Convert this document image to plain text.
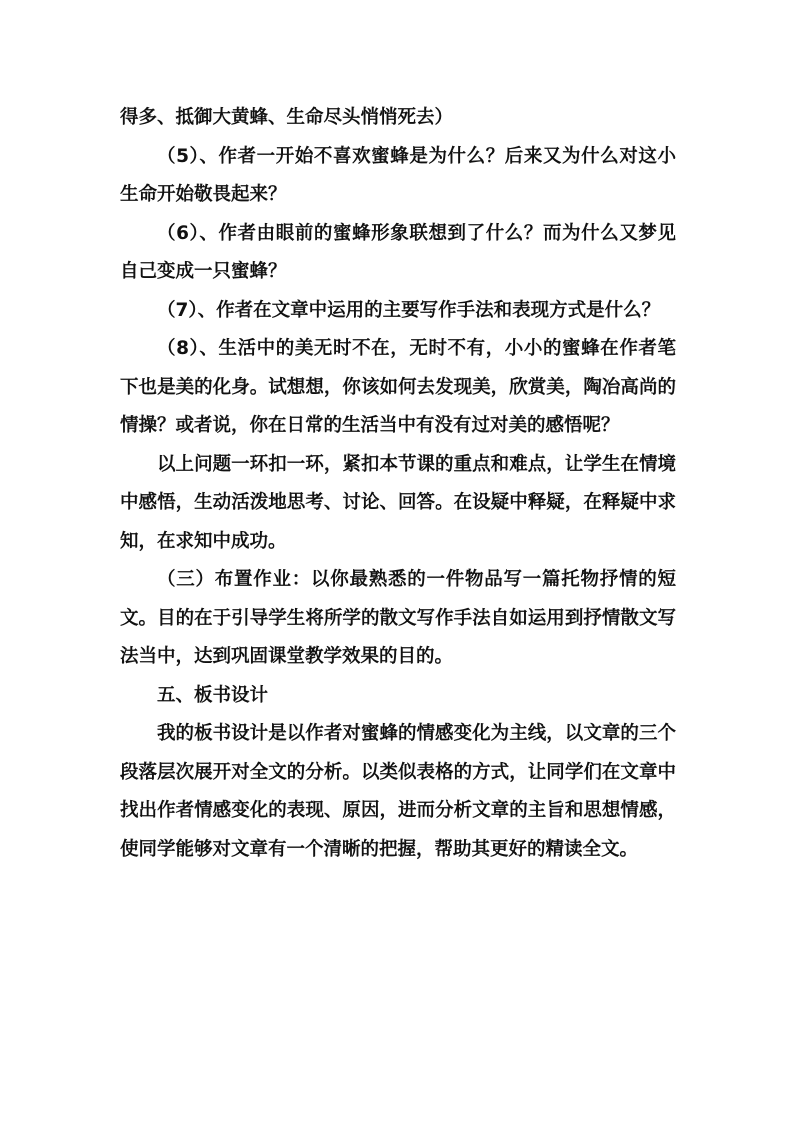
得多、抵御大黄蜂、生命尽头悄悄死去）

（5）、作者一开始不喜欢蜜蜂是为什么？后来又为什么对这小生命开始敬畏起来？

（6）、作者由眼前的蜜蜂形象联想到了什么？而为什么又梦见自己变成一只蜜蜂？

（7）、作者在文章中运用的主要写作手法和表现方式是什么？

（8）、生活中的美无时不在，无时不有，小小的蜜蜂在作者笔下也是美的化身。试想想，你该如何去发现美，欣赏美，陶冶高尚的情操？或者说，你在日常的生活当中有没有过对美的感悟呢？

以上问题一环扣一环，紧扣本节课的重点和难点，让学生在情境中感悟，生动活泼地思考、讨论、回答。在设疑中释疑，在释疑中求知，在求知中成功。

（三）布置作业：以你最熟悉的一件物品写一篇托物抒情的短文。目的在于引导学生将所学的散文写作手法自如运用到抒情散文写法当中，达到巩固课堂教学效果的目的。

五、板书设计

我的板书设计是以作者对蜜蜂的情感变化为主线，以文章的三个段落层次展开对全文的分析。以类似表格的方式，让同学们在文章中找出作者情感变化的表现、原因，进而分析文章的主旨和思想情感，使同学能够对文章有一个清晰的把握，帮助其更好的精读全文。
